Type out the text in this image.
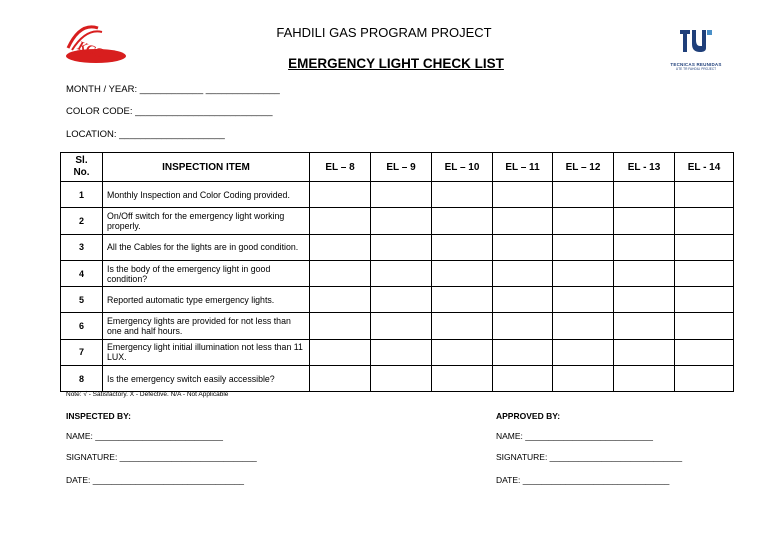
KCC
FAHDILI GAS PROGRAM PROJECT
EMERGENCY LIGHT CHECK LIST	TECNICAS REUNIDAS
UTE TR FAHDILI PROJECT
MONTH / YEAR: ____________ ______________
COLOR CODE: __________________________
LOCATION: ____________________
Sl.
No.	INSPECTION ITEM	EL – 8	EL – 9	EL – 10	EL – 11	EL – 12	EL - 13	EL - 14
1	Monthly Inspection and Color Coding provided.							
2	On/Off switch for the emergency light working properly.							
3	All the Cables for the lights are in good condition.							
4	Is the body of the emergency light in good condition?							
5	Reported automatic type emergency lights.							
6	Emergency lights are provided for not less than one and half hours.							
7	Emergency light initial illumination not less than 11 LUX.							
8	Is the emergency switch easily accessible?							
Note: √ - Satisfactory. X - Defective. N/A - Not Applicable
INSPECTED BY:
NAME: ___________________________
SIGNATURE: _____________________________
DATE: ________________________________
APPROVED BY:
NAME: ___________________________
SIGNATURE: ____________________________
DATE: _______________________________
